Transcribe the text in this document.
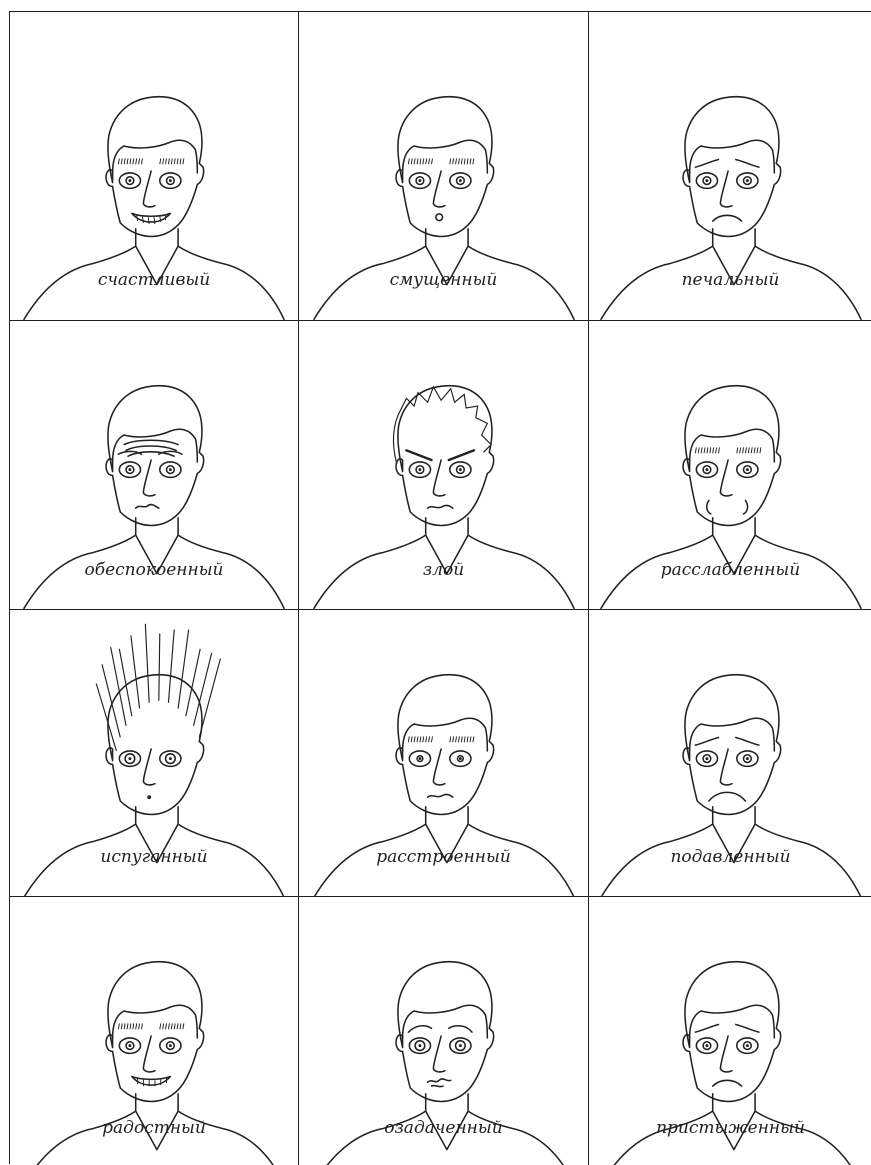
счастливый	смущенный	печальный
обеспокоенный	злой	расслабленный
испуганный	расстроенный	подавленный
радостный	озадаченный	пристыженный
